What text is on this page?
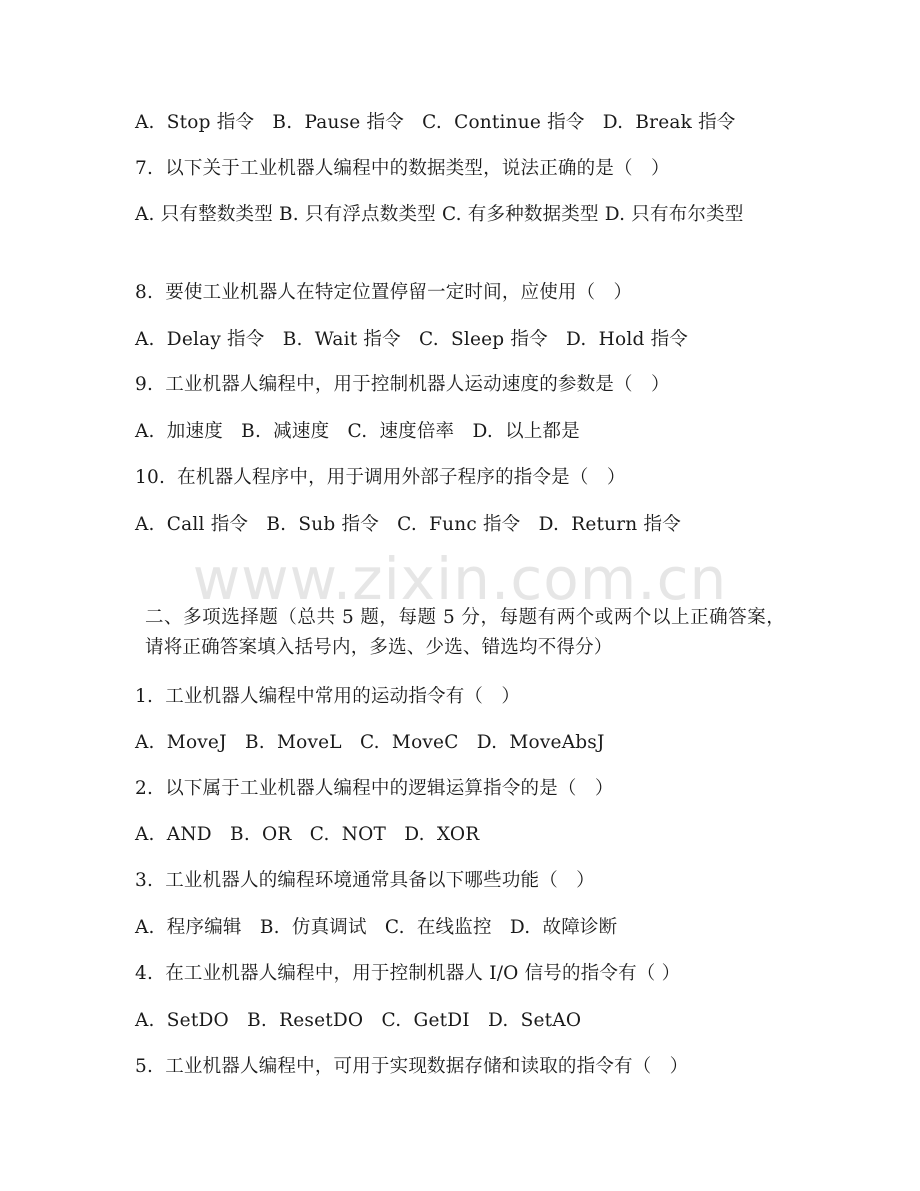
www.zixin.com.cn
A.  Stop 指令   B.  Pause 指令   C.  Continue 指令   D.  Break 指令
7.  以下关于工业机器人编程中的数据类型，说法正确的是（   ）
A. 只有整数类型 B. 只有浮点数类型 C. 有多种数据类型 D. 只有布尔类型
8.  要使工业机器人在特定位置停留一定时间，应使用（   ）
A.  Delay 指令   B.  Wait 指令   C.  Sleep 指令   D.  Hold 指令
9.  工业机器人编程中，用于控制机器人运动速度的参数是（   ）
A.  加速度   B.  减速度   C.  速度倍率   D.  以上都是
10.  在机器人程序中，用于调用外部子程序的指令是（   ）
A.  Call 指令   B.  Sub 指令   C.  Func 指令   D.  Return 指令
二、多项选择题（总共 5 题，每题 5 分，每题有两个或两个以上正确答案，请将正确答案填入括号内，多选、少选、错选均不得分）
1.  工业机器人编程中常用的运动指令有（   ）
A.  MoveJ   B.  MoveL   C.  MoveC   D.  MoveAbsJ
2.  以下属于工业机器人编程中的逻辑运算指令的是（   ）
A.  AND   B.  OR   C.  NOT   D.  XOR
3.  工业机器人的编程环境通常具备以下哪些功能（   ）
A.  程序编辑   B.  仿真调试   C.  在线监控   D.  故障诊断
4.  在工业机器人编程中，用于控制机器人 I/O 信号的指令有（ ）
A.  SetDO   B.  ResetDO   C.  GetDI   D.  SetAO
5.  工业机器人编程中，可用于实现数据存储和读取的指令有（   ）
